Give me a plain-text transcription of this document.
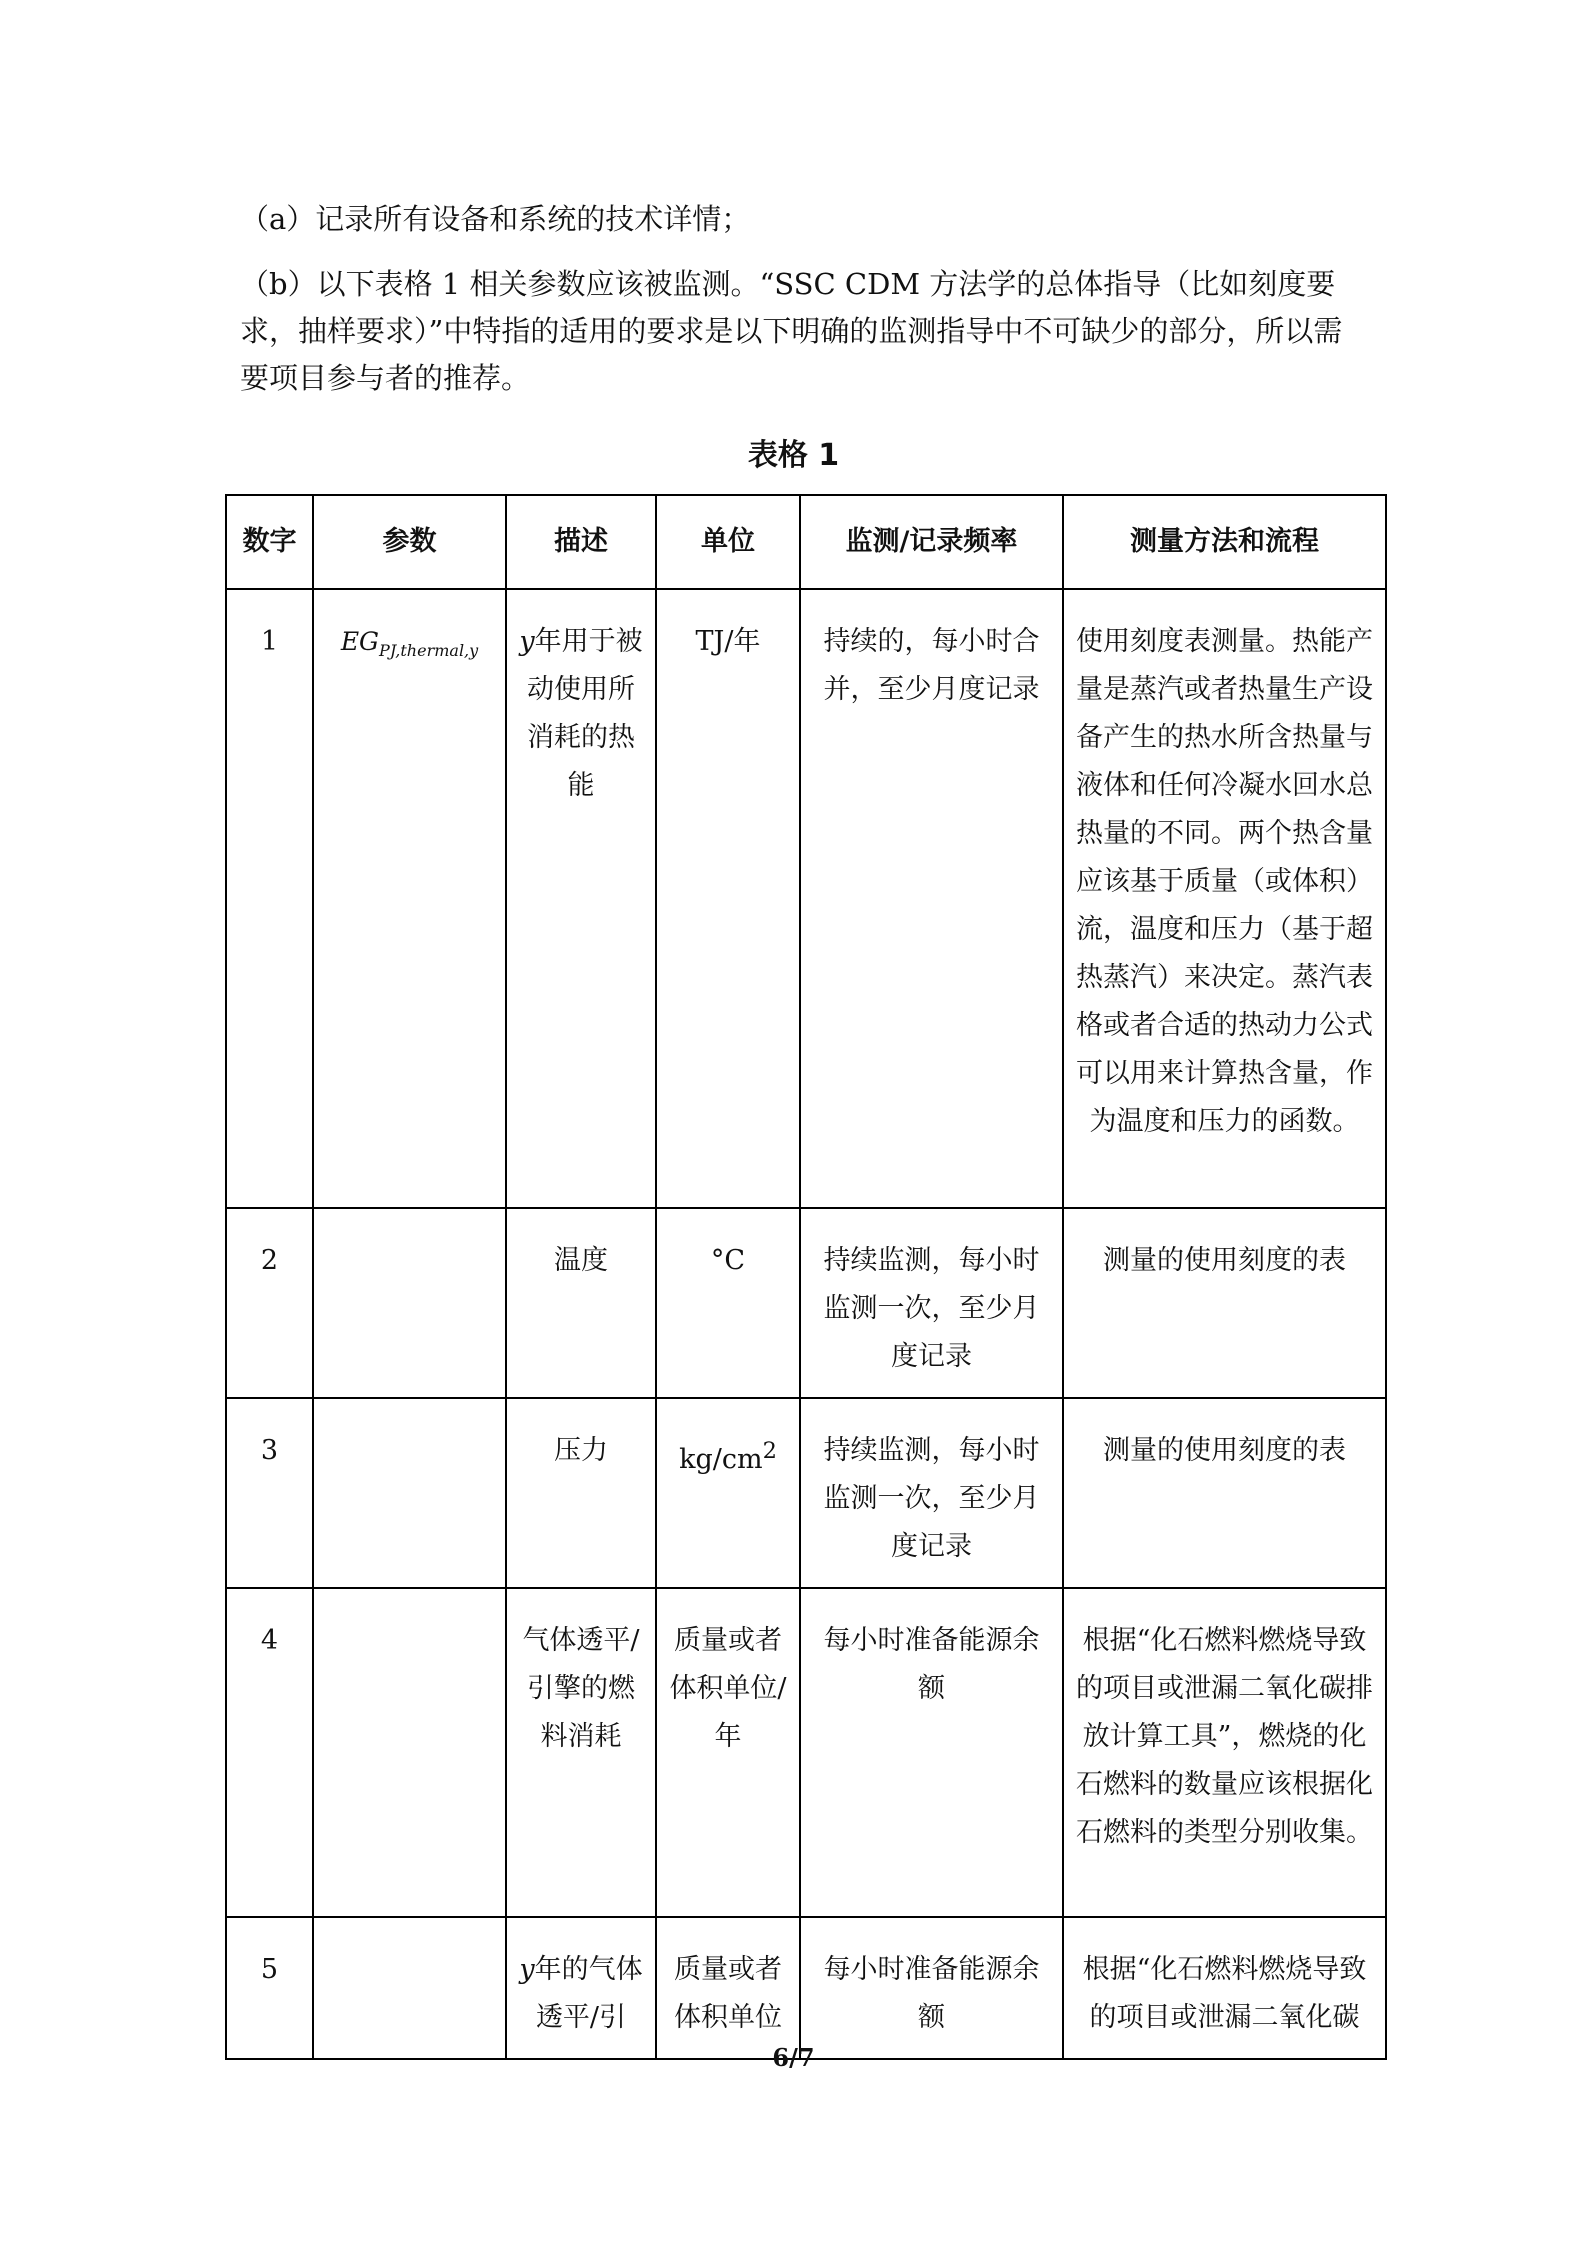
（a）记录所有设备和系统的技术详情；

（b）以下表格 1 相关参数应该被监测。“SSC CDM 方法学的总体指导（比如刻度要求，抽样要求）”中特指的适用的要求是以下明确的监测指导中不可缺少的部分，所以需要项目参与者的推荐。

表格 1

数字	参数	描述	单位	监测/记录频率	测量方法和流程
1	$EG_{PJ,thermal,y}$	y年用于被动使用所消耗的热能	TJ/年	持续的，每小时合并，至少月度记录	使用刻度表测量。热能产量是蒸汽或者热量生产设备产生的热水所含热量与液体和任何冷凝水回水总热量的不同。两个热含量应该基于质量（或体积）流，温度和压力（基于超热蒸汽）来决定。蒸汽表格或者合适的热动力公式可以用来计算热含量，作为温度和压力的函数。
2		温度	°C	持续监测，每小时监测一次，至少月度记录	测量的使用刻度的表
3		压力	$kg/cm^2$	持续监测，每小时监测一次，至少月度记录	测量的使用刻度的表
4		气体透平/引擎的燃料消耗	质量或者体积单位/年	每小时准备能源余额	根据“化石燃料燃烧导致的项目或泄漏二氧化碳排放计算工具”，燃烧的化石燃料的数量应该根据化石燃料的类型分别收集。
5		y年的气体透平/引	质量或者体积单位	每小时准备能源余额	根据“化石燃料燃烧导致的项目或泄漏二氧化碳

6/7
